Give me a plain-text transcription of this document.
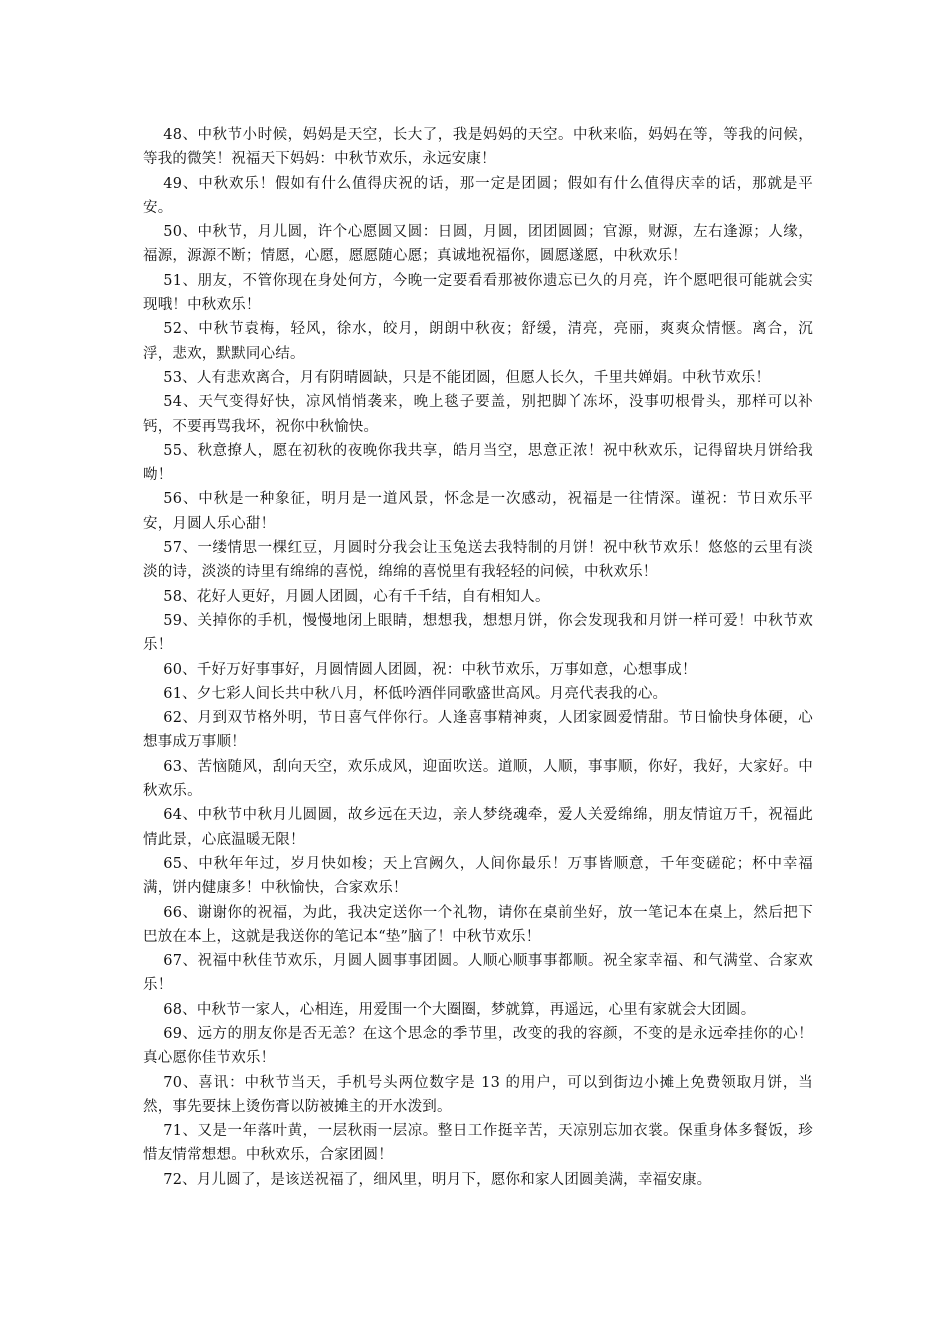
48、中秋节小时候，妈妈是天空，长大了，我是妈妈的天空。中秋来临，妈妈在等，等我的问候，等我的微笑！祝福天下妈妈：中秋节欢乐，永远安康！

49、中秋欢乐！假如有什么值得庆祝的话，那一定是团圆；假如有什么值得庆幸的话，那就是平安。

50、中秋节，月儿圆，许个心愿圆又圆：日圆，月圆，团团圆圆；官源，财源，左右逢源；人缘，福源，源源不断；情愿，心愿，愿愿随心愿；真诚地祝福你，圆愿遂愿，中秋欢乐！

51、朋友，不管你现在身处何方，今晚一定要看看那被你遗忘已久的月亮，许个愿吧很可能就会实现哦！中秋欢乐！

52、中秋节袁梅，轻风，徐水，皎月，朗朗中秋夜；舒缓，清亮，亮丽，爽爽众情惬。离合，沉浮，悲欢，默默同心结。

53、人有悲欢离合，月有阴晴圆缺，只是不能团圆，但愿人长久，千里共婵娟。中秋节欢乐！

54、天气变得好快，凉风悄悄袭来，晚上毯子要盖，别把脚丫冻坏，没事叨根骨头，那样可以补钙，不要再骂我坏，祝你中秋愉快。

55、秋意撩人，愿在初秋的夜晚你我共享，皓月当空，思意正浓！祝中秋欢乐，记得留块月饼给我呦！

56、中秋是一种象征，明月是一道风景，怀念是一次感动，祝福是一往情深。谨祝：节日欢乐平安，月圆人乐心甜！

57、一缕情思一棵红豆，月圆时分我会让玉兔送去我特制的月饼！祝中秋节欢乐！悠悠的云里有淡淡的诗，淡淡的诗里有绵绵的喜悦，绵绵的喜悦里有我轻轻的问候，中秋欢乐！

58、花好人更好，月圆人团圆，心有千千结，自有相知人。

59、关掉你的手机，慢慢地闭上眼睛，想想我，想想月饼，你会发现我和月饼一样可爱！中秋节欢乐！

60、千好万好事事好，月圆情圆人团圆，祝：中秋节欢乐，万事如意，心想事成！

61、夕七彩人间长共中秋八月，杯低吟酒伴同歌盛世高风。月亮代表我的心。

62、月到双节格外明，节日喜气伴你行。人逢喜事精神爽，人团家圆爱情甜。节日愉快身体硬，心想事成万事顺！

63、苦恼随风，刮向天空，欢乐成风，迎面吹送。道顺，人顺，事事顺，你好，我好，大家好。中秋欢乐。

64、中秋节中秋月儿圆圆，故乡远在天边，亲人梦绕魂牵，爱人关爱绵绵，朋友情谊万千，祝福此情此景，心底温暖无限！

65、中秋年年过，岁月快如梭；天上宫阙久，人间你最乐！万事皆顺意，千年变磋砣；杯中幸福满，饼内健康多！中秋愉快，合家欢乐！

66、谢谢你的祝福，为此，我决定送你一个礼物，请你在桌前坐好，放一笔记本在桌上，然后把下巴放在本上，这就是我送你的笔记本“垫”脑了！中秋节欢乐！

67、祝福中秋佳节欢乐，月圆人圆事事团圆。人顺心顺事事都顺。祝全家幸福、和气满堂、合家欢乐！

68、中秋节一家人，心相连，用爱围一个大圈圈，梦就算，再遥远，心里有家就会大团圆。

69、远方的朋友你是否无恙？在这个思念的季节里，改变的我的容颜，不变的是永远牵挂你的心！真心愿你佳节欢乐！

70、喜讯：中秋节当天，手机号头两位数字是 13 的用户，可以到街边小摊上免费领取月饼，当然，事先要抹上烫伤膏以防被摊主的开水泼到。

71、又是一年落叶黄，一层秋雨一层凉。整日工作挺辛苦，天凉别忘加衣裳。保重身体多餐饭，珍惜友情常想想。中秋欢乐，合家团圆！

72、月儿圆了，是该送祝福了，细风里，明月下，愿你和家人团圆美满，幸福安康。
